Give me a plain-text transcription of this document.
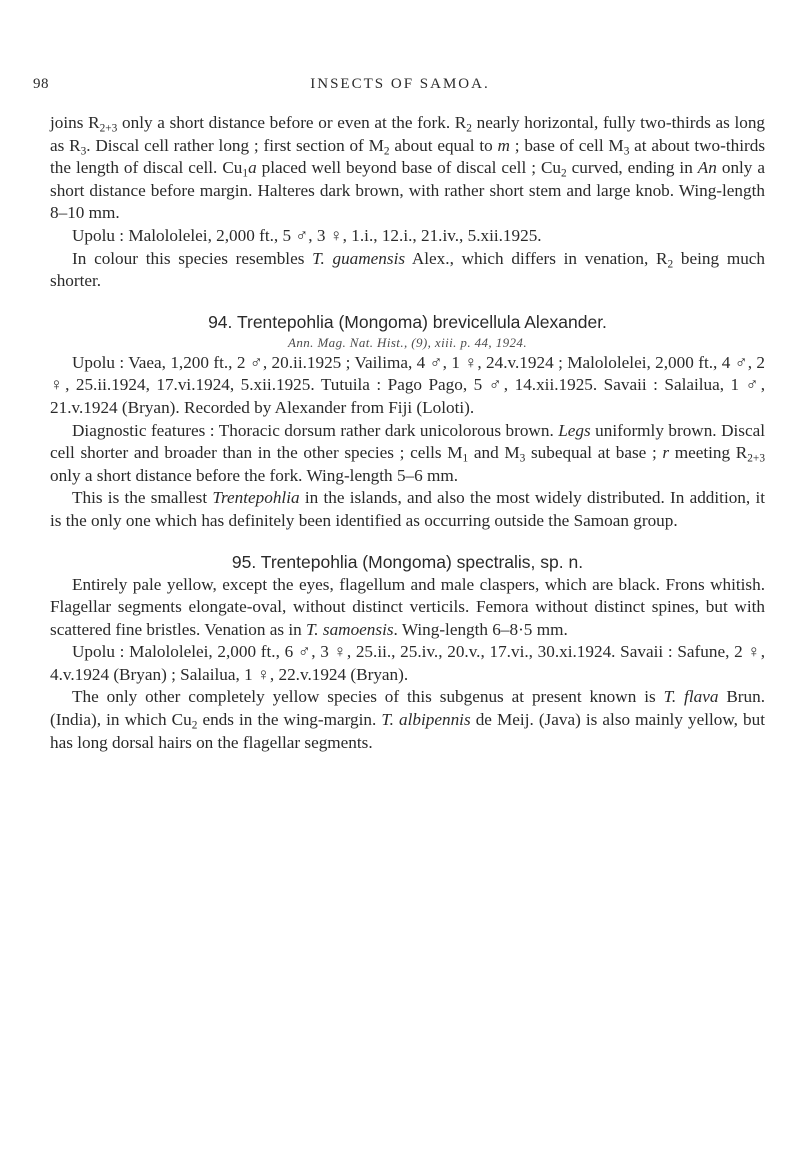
98	INSECTS OF SAMOA.

joins $R_{2+3}$ only a short distance before or even at the fork. $R_2$ nearly horizontal, fully two-thirds as long as $R_3$. Discal cell rather long ; first section of $M_2$ about equal to m ; base of cell $M_3$ at about two-thirds the length of discal cell. $Cu_1a$ placed well beyond base of discal cell ; $Cu_2$ curved, ending in An only a short distance before margin. Halteres dark brown, with rather short stem and large knob. Wing-length 8–10 mm.

Upolu : Malololelei, 2,000 ft., 5 ♂, 3 ♀, 1.i., 12.i., 21.iv., 5.xii.1925.

In colour this species resembles T. guamensis Alex., which differs in venation, $R_2$ being much shorter.

94. Trentepohlia (Mongoma) brevicellula Alexander.

Ann. Mag. Nat. Hist., (9), xiii. p. 44, 1924.

Upolu : Vaea, 1,200 ft., 2 ♂, 20.ii.1925 ; Vailima, 4 ♂, 1 ♀, 24.v.1924 ; Malololelei, 2,000 ft., 4 ♂, 2 ♀, 25.ii.1924, 17.vi.1924, 5.xii.1925. Tutuila : Pago Pago, 5 ♂, 14.xii.1925. Savaii : Salailua, 1 ♂, 21.v.1924 (Bryan). Recorded by Alexander from Fiji (Loloti).

Diagnostic features : Thoracic dorsum rather dark unicolorous brown. Legs uniformly brown. Discal cell shorter and broader than in the other species ; cells $M_1$ and $M_3$ subequal at base ; r meeting $R_{2+3}$ only a short distance before the fork. Wing-length 5–6 mm.

This is the smallest Trentepohlia in the islands, and also the most widely distributed. In addition, it is the only one which has definitely been identified as occurring outside the Samoan group.

95. Trentepohlia (Mongoma) spectralis, sp. n.

Entirely pale yellow, except the eyes, flagellum and male claspers, which are black. Frons whitish. Flagellar segments elongate-oval, without distinct verticils. Femora without distinct spines, but with scattered fine bristles. Venation as in T. samoensis. Wing-length 6–8·5 mm.

Upolu : Malololelei, 2,000 ft., 6 ♂, 3 ♀, 25.ii., 25.iv., 20.v., 17.vi., 30.xi.1924. Savaii : Safune, 2 ♀, 4.v.1924 (Bryan) ; Salailua, 1 ♀, 22.v.1924 (Bryan).

The only other completely yellow species of this subgenus at present known is T. flava Brun. (India), in which $Cu_2$ ends in the wing-margin. T. albipennis de Meij. (Java) is also mainly yellow, but has long dorsal hairs on the flagellar segments.
